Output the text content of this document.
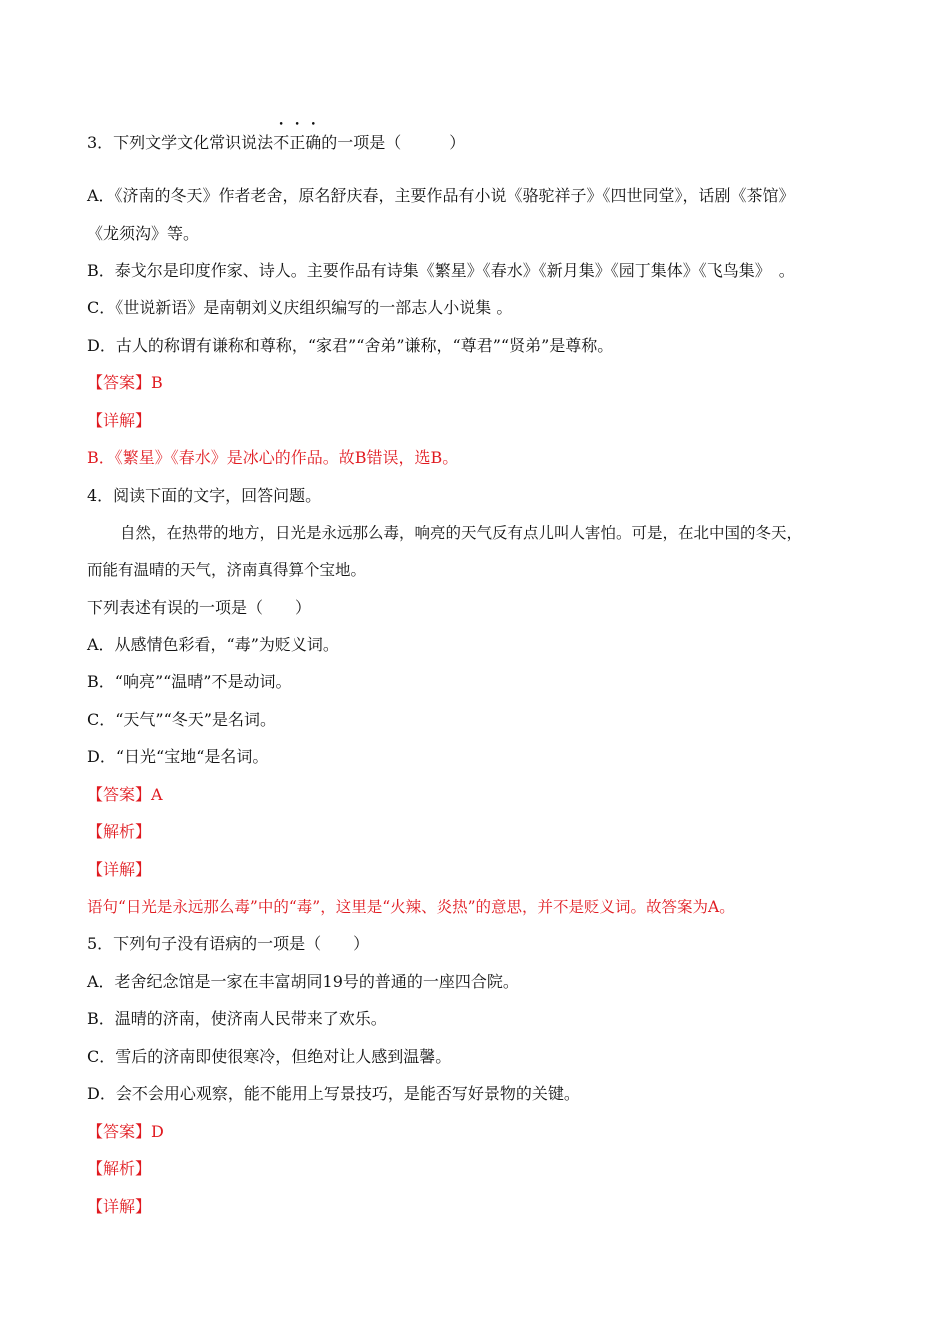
3．下列文学文化常识说法不正确的一项是（　　　）
A．《济南的冬天》作者老舍，原名舒庆春，主要作品有小说《骆驼祥子》《四世同堂》，话剧《茶馆》
《龙须沟》等。
B．泰戈尔是印度作家、诗人。主要作品有诗集《繁星》《春水》《新月集》《园丁集体》《飞鸟集》　。
C．《世说新语》是南朝刘义庆组织编写的一部志人小说集 。
D．古人的称谓有谦称和尊称，“家君”“舍弟”谦称，“尊君”“贤弟”是尊称。
【答案】B
【详解】
B．《繁星》《春水》是冰心的作品。故B错误，选B。
4．阅读下面的文字，回答问题。
自然，在热带的地方，日光是永远那么毒，响亮的天气反有点儿叫人害怕。可是，在北中国的冬天，
而能有温晴的天气，济南真得算个宝地。
下列表述有误的一项是（　　）
A．从感情色彩看，“毒”为贬义词。
B．“响亮”“温晴”不是动词。
C．“天气”“冬天”是名词。
D．“日光“宝地“是名词。
【答案】A
【解析】
【详解】
语句“日光是永远那么毒”中的“毒”，这里是“火辣、炎热”的意思，并不是贬义词。故答案为A。
5．下列句子没有语病的一项是（　　）
A．老舍纪念馆是一家在丰富胡同19号的普通的一座四合院。
B．温晴的济南，使济南人民带来了欢乐。
C．雪后的济南即使很寒冷，但绝对让人感到温馨。
D．会不会用心观察，能不能用上写景技巧，是能否写好景物的关键。
【答案】D
【解析】
【详解】
